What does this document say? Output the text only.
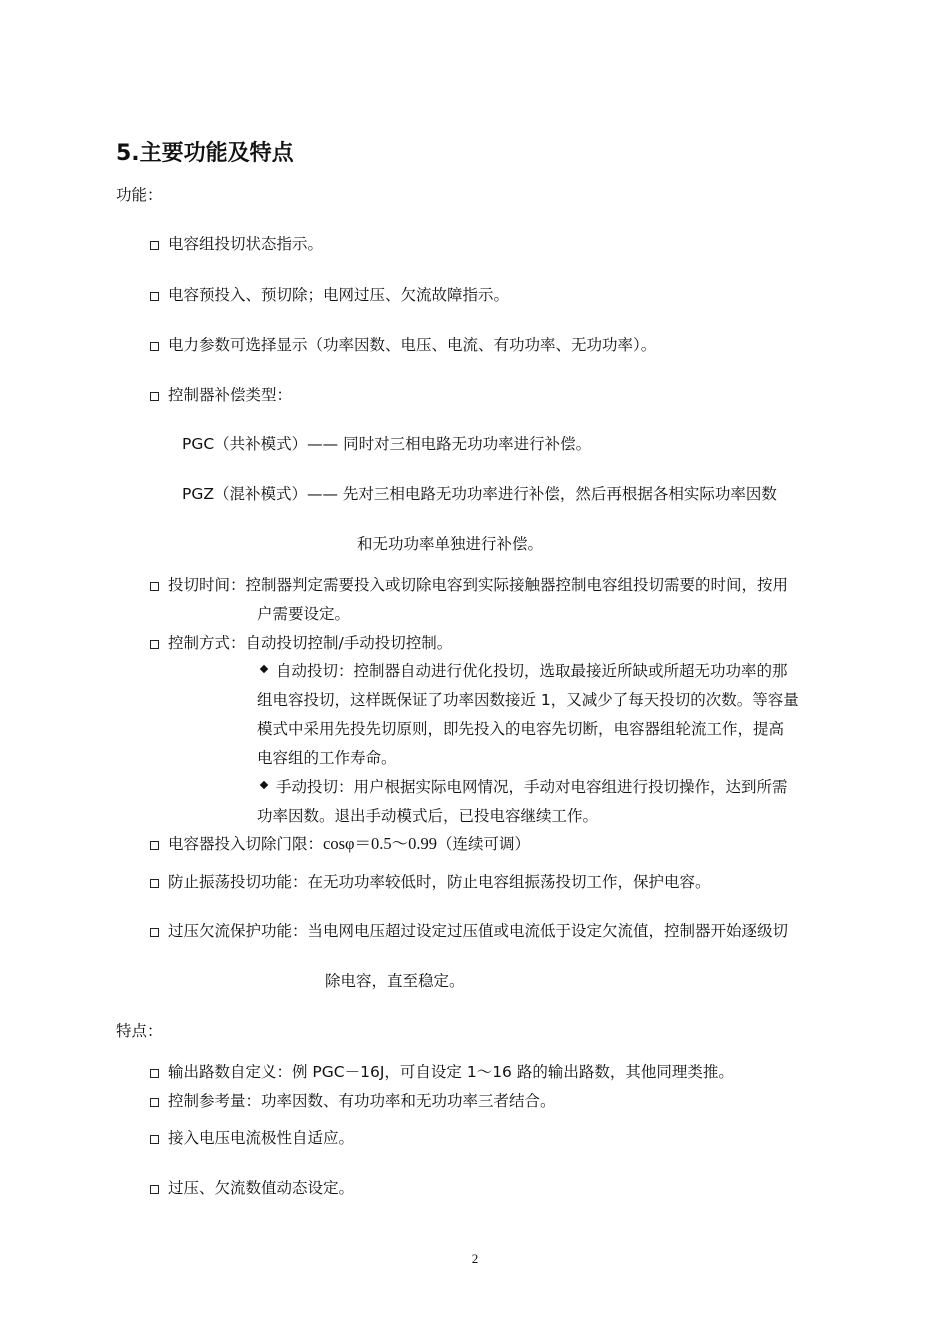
5.主要功能及特点
功能：
电容组投切状态指示。
电容预投入、预切除；电网过压、欠流故障指示。
电力参数可选择显示（功率因数、电压、电流、有功功率、无功功率）。
控制器补偿类型：
PGC（共补模式）—— 同时对三相电路无功功率进行补偿。
PGZ（混补模式）—— 先对三相电路无功功率进行补偿，然后再根据各相实际功率因数
和无功功率单独进行补偿。
投切时间：控制器判定需要投入或切除电容到实际接触器控制电容组投切需要的时间，按用
户需要设定。
控制方式：自动投切控制/手动投切控制。
自动投切：控制器自动进行优化投切，选取最接近所缺或所超无功功率的那
组电容投切，这样既保证了功率因数接近 1，又减少了每天投切的次数。等容量
模式中采用先投先切原则，即先投入的电容先切断，电容器组轮流工作，提高
电容组的工作寿命。
手动投切：用户根据实际电网情况，手动对电容组进行投切操作，达到所需
功率因数。退出手动模式后，已投电容继续工作。
电容器投入切除门限：cosφ＝0.5～0.99（连续可调）
防止振荡投切功能：在无功功率较低时，防止电容组振荡投切工作，保护电容。
过压欠流保护功能：当电网电压超过设定过压值或电流低于设定欠流值，控制器开始逐级切
除电容，直至稳定。
特点：
输出路数自定义：例 PGC－16J，可自设定 1～16 路的输出路数，其他同理类推。
控制参考量：功率因数、有功功率和无功功率三者结合。
接入电压电流极性自适应。
过压、欠流数值动态设定。
2
